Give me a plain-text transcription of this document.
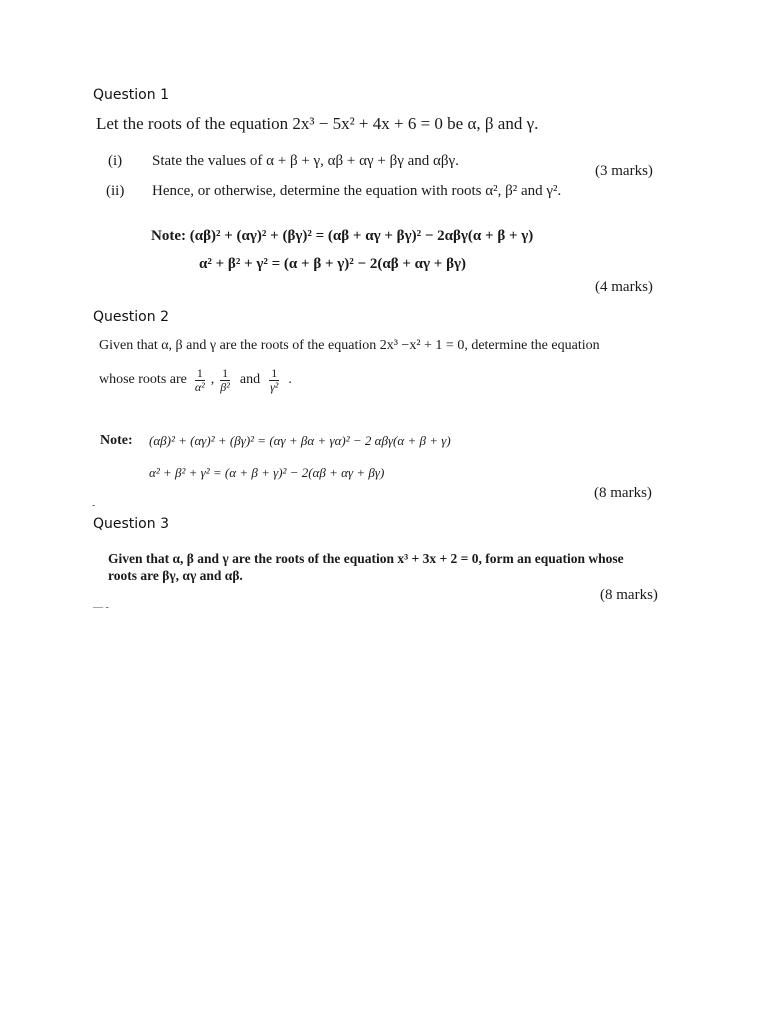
Question 1
Let the roots of the equation 2x³ − 5x² + 4x + 6 = 0 be α, β and γ.
(i) State the values of α + β + γ, αβ + αγ + βγ and αβγ.
(3 marks)
(ii) Hence, or otherwise, determine the equation with roots α², β² and γ².
Note: (αβ)² + (αγ)² + (βγ)² = (αβ + αγ + βγ)² − 2αβγ(α + β + γ)
α² + β² + γ² = (α + β + γ)² − 2(αβ + αγ + βγ)
(4 marks)
Question 2
Given that α, β and γ are the roots of the equation 2x³ −x² + 1 = 0, determine the equation
whose roots are $\frac{1}{\text{α²}}$ , $\frac{1}{\text{β²}}$ and $\frac{1}{\text{γ²}}$ .
Note: (αβ)² + (αγ)² + (βγ)² = (αγ + βα + γα)² − 2 αβγ(α + β + γ)
α² + β² + γ² = (α + β + γ)² − 2(αβ + αγ + βγ)
-
(8 marks)
Question 3
Given that α, β and γ are the roots of the equation x³ + 3x + 2 = 0, form an equation whose
roots are βγ, αγ and αβ.
(8 marks)
— -
